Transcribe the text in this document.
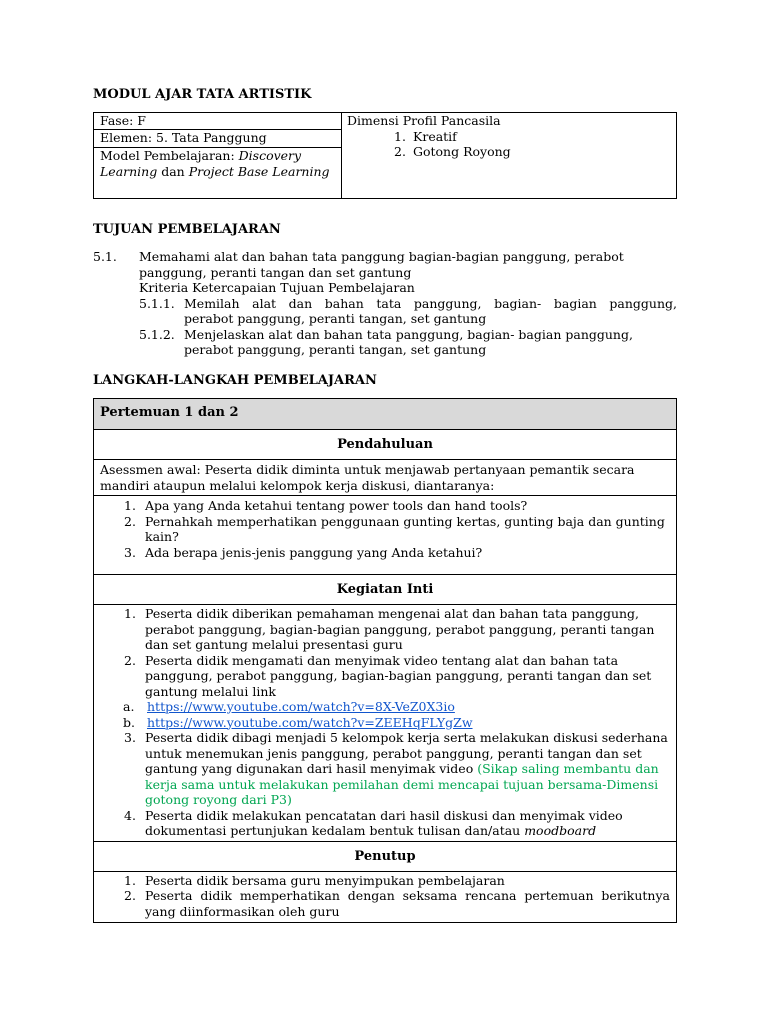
MODUL AJAR TATA ARTISTIK
Fase: F
Elemen: 5. Tata Panggung
Model Pembelajaran: Discovery Learning dan Project Base Learning
Dimensi Profil Pancasila
1. Kreatif
2. Gotong Royong
TUJUAN PEMBELAJARAN
5.1. Memahami alat dan bahan tata panggung bagian-bagian panggung, perabot
panggung, peranti tangan dan set gantung
Kriteria Ketercapaian Tujuan Pembelajaran
5.1.1. Memilah alat dan bahan tata panggung, bagian- bagian panggung,
perabot panggung, peranti tangan, set gantung
5.1.2. Menjelaskan alat dan bahan tata panggung, bagian- bagian panggung,
perabot panggung, peranti tangan, set gantung
LANGKAH-LANGKAH PEMBELAJARAN
Pertemuan 1 dan 2
Pendahuluan
Asessmen awal: Peserta didik diminta untuk menjawab pertanyaan pemantik secara mandiri ataupun melalui kelompok kerja diskusi, diantaranya:
1. Apa yang Anda ketahui tentang power tools dan hand tools?
2. Pernahkah memperhatikan penggunaan gunting kertas, gunting baja dan gunting kain?
3. Ada berapa jenis-jenis panggung yang Anda ketahui?
Kegiatan Inti
1. Peserta didik diberikan pemahaman mengenai alat dan bahan tata panggung, perabot panggung, bagian-bagian panggung, perabot panggung, peranti tangan dan set gantung melalui presentasi guru
2. Peserta didik mengamati dan menyimak video tentang alat dan bahan tata panggung, perabot panggung, bagian-bagian panggung, peranti tangan dan set gantung melalui link
a. https://www.youtube.com/watch?v=8X-VeZ0X3io
b. https://www.youtube.com/watch?v=ZEEHqFLYgZw
3. Peserta didik dibagi menjadi 5 kelompok kerja serta melakukan diskusi sederhana untuk menemukan jenis panggung, perabot panggung, peranti tangan dan set gantung yang digunakan dari hasil menyimak video (Sikap saling membantu dan kerja sama untuk melakukan pemilahan demi mencapai tujuan bersama-Dimensi gotong royong dari P3)
4. Peserta didik melakukan pencatatan dari hasil diskusi dan menyimak video dokumentasi pertunjukan kedalam bentuk tulisan dan/atau moodboard
Penutup
1. Peserta didik bersama guru menyimpukan pembelajaran
2. Peserta didik memperhatikan dengan seksama rencana pertemuan berikutnya yang diinformasikan oleh guru
